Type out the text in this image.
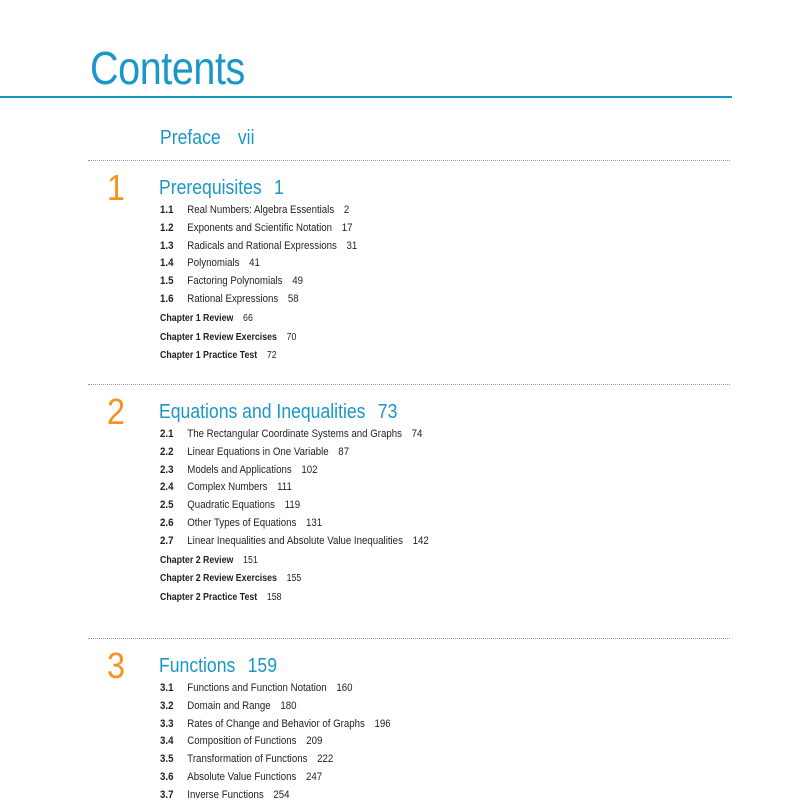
Contents
Preface vii
1 Prerequisites 1
1.1 Real Numbers: Algebra Essentials 2
1.2 Exponents and Scientific Notation 17
1.3 Radicals and Rational Expressions 31
1.4 Polynomials 41
1.5 Factoring Polynomials 49
1.6 Rational Expressions 58
Chapter 1 Review 66
Chapter 1 Review Exercises 70
Chapter 1 Practice Test 72
2 Equations and Inequalities 73
2.1 The Rectangular Coordinate Systems and Graphs 74
2.2 Linear Equations in One Variable 87
2.3 Models and Applications 102
2.4 Complex Numbers 111
2.5 Quadratic Equations 119
2.6 Other Types of Equations 131
2.7 Linear Inequalities and Absolute Value Inequalities 142
Chapter 2 Review 151
Chapter 2 Review Exercises 155
Chapter 2 Practice Test 158
3 Functions 159
3.1 Functions and Function Notation 160
3.2 Domain and Range 180
3.3 Rates of Change and Behavior of Graphs 196
3.4 Composition of Functions 209
3.5 Transformation of Functions 222
3.6 Absolute Value Functions 247
3.7 Inverse Functions 254
